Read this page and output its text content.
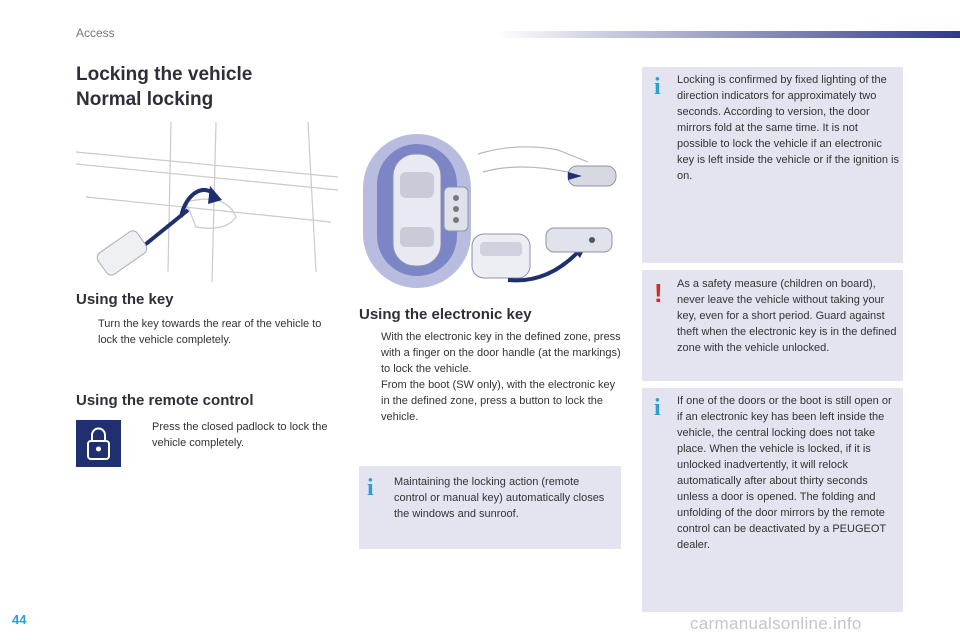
Access
Locking the vehicle
Normal locking
Using the key
Turn the key towards the rear of the vehicle to lock the vehicle completely.
Using the remote control
Press the closed padlock to lock the vehicle completely.
Using the electronic key
With the electronic key in the defined zone, press with a finger on the door handle (at the markings) to lock the vehicle.
From the boot (SW only), with the electronic key in the defined zone, press a button to lock the vehicle.
i Maintaining the locking action (remote control or manual key) automatically closes the windows and sunroof.
i Locking is confirmed by fixed lighting of the direction indicators for approximately two seconds. According to version, the door mirrors fold at the same time. It is not possible to lock the vehicle if an electronic key is left inside the vehicle or if the ignition is on.
! As a safety measure (children on board), never leave the vehicle without taking your key, even for a short period. Guard against theft when the electronic key is in the defined zone with the vehicle unlocked.
i If one of the doors or the boot is still open or if an electronic key has been left inside the vehicle, the central locking does not take place. When the vehicle is locked, if it is unlocked inadvertently, it will relock automatically after about thirty seconds unless a door is opened. The folding and unfolding of the door mirrors by the remote control can be deactivated by a PEUGEOT dealer.
44	carmanualsonline.info
